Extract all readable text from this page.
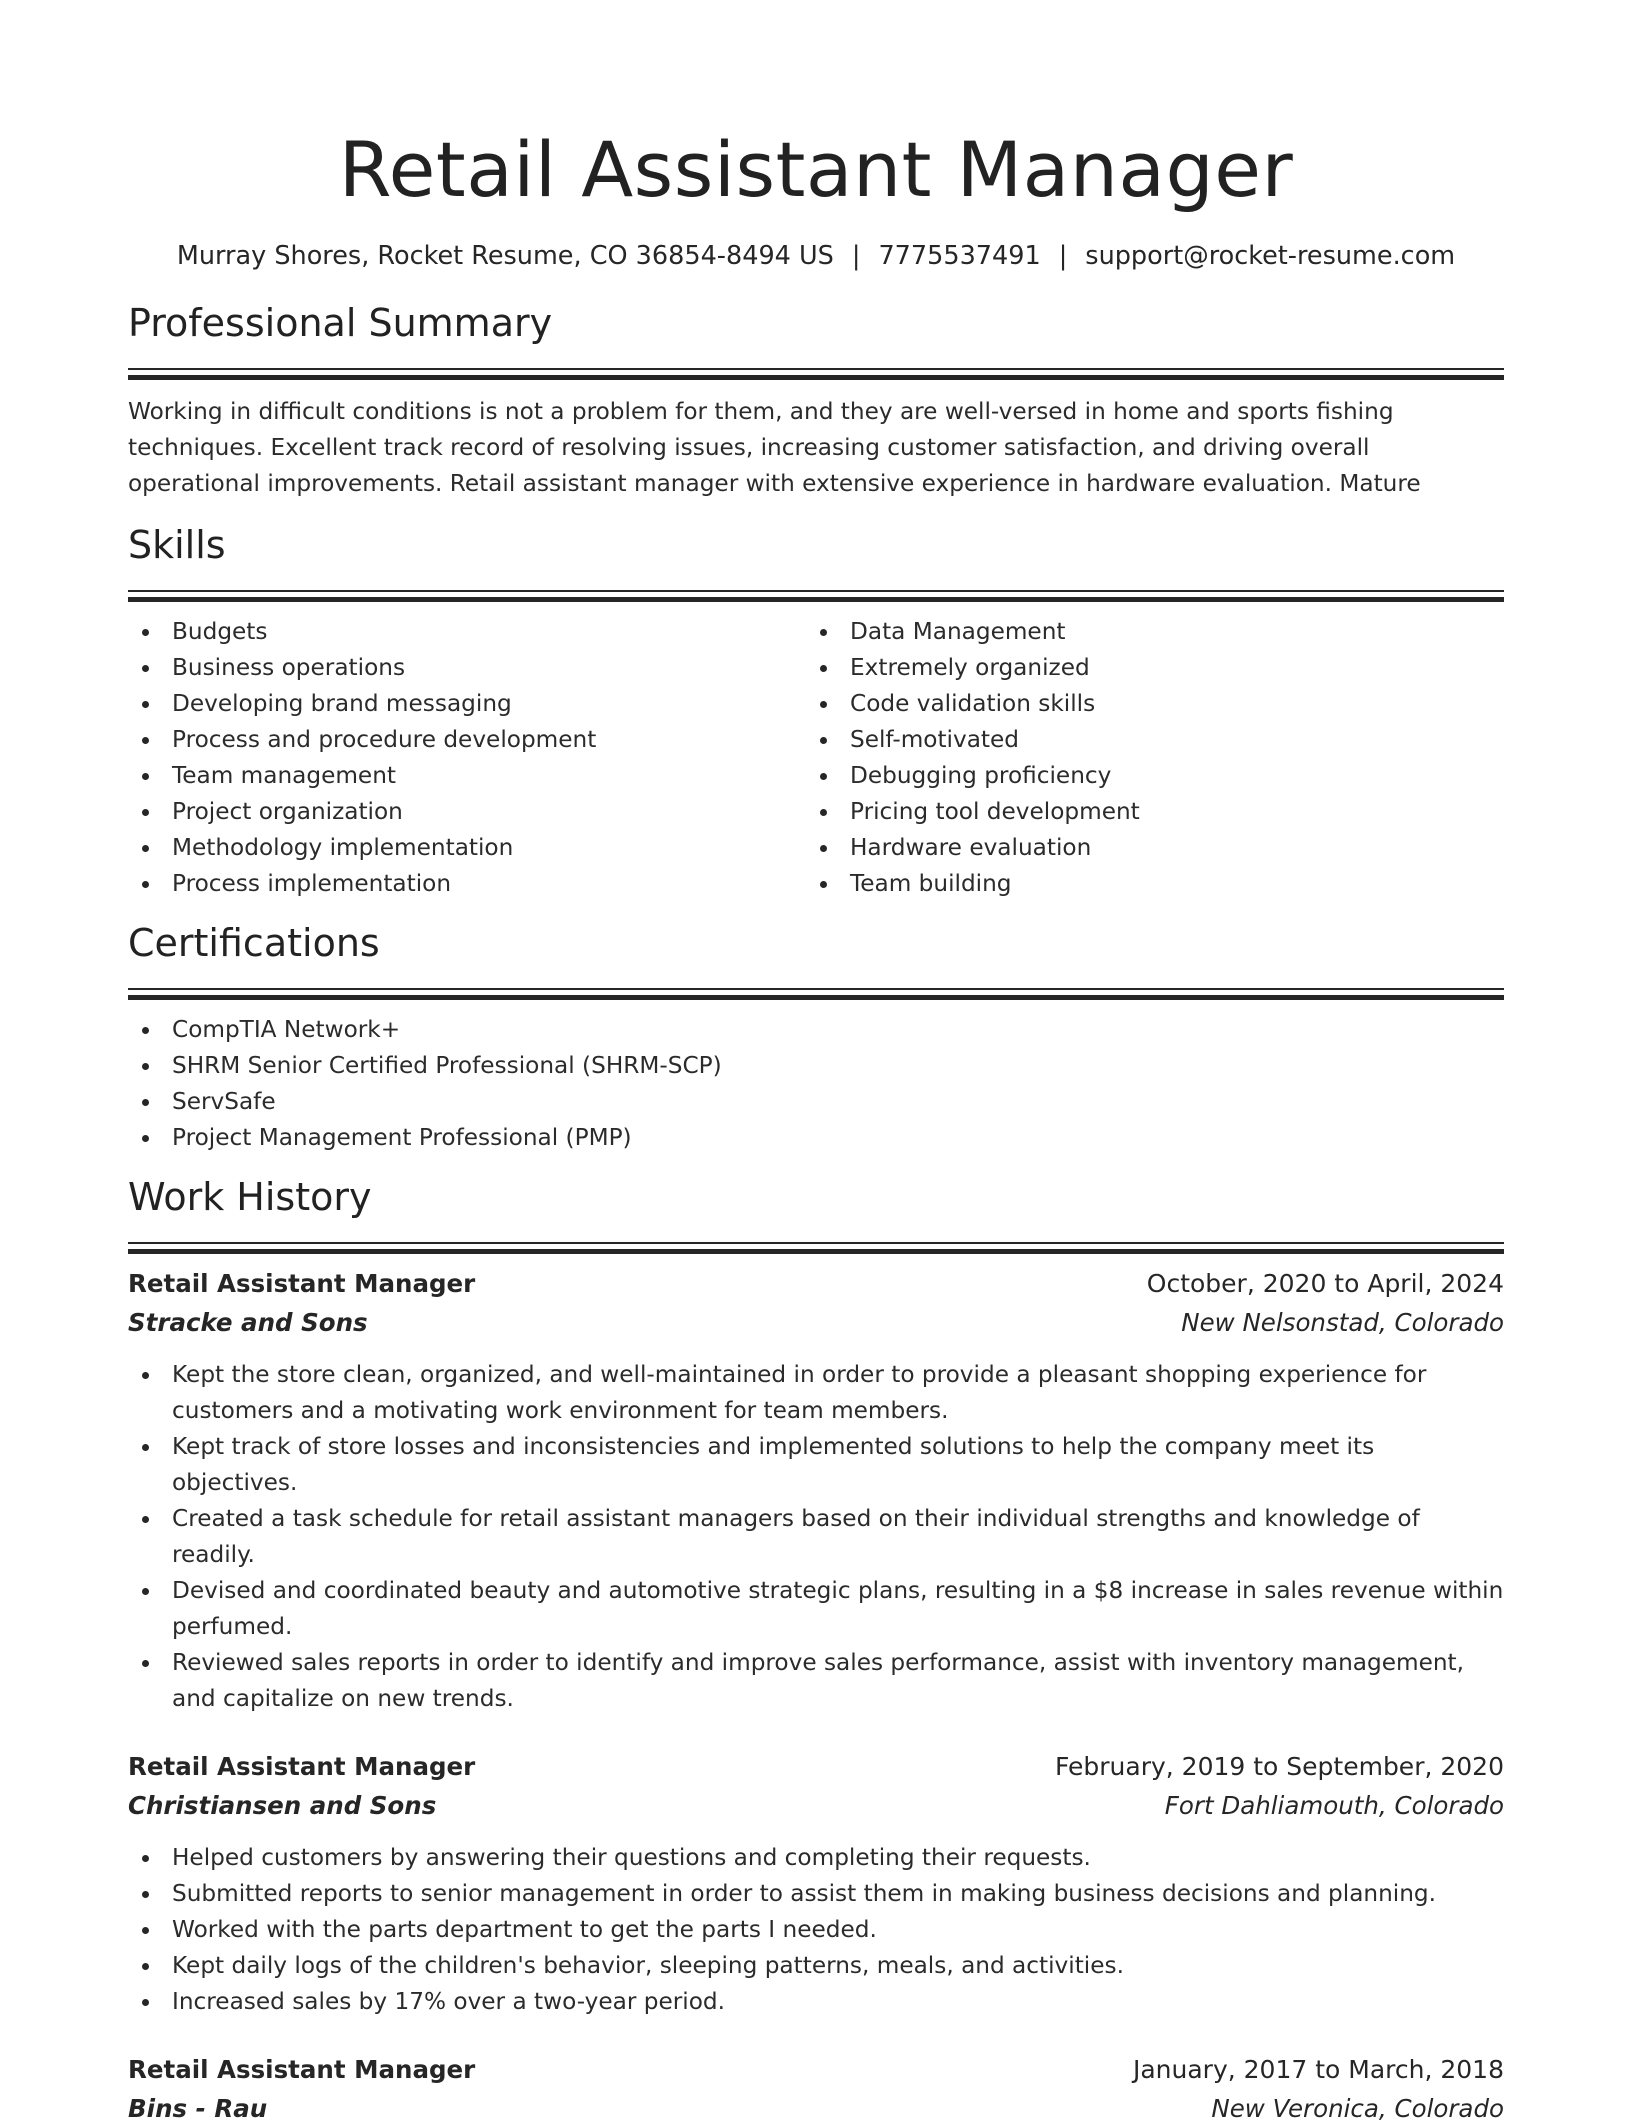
Retail Assistant Manager
Murray Shores, Rocket Resume, CO 36854-8494 US | 7775537491 | support@rocket-resume.com
Professional Summary

Working in difficult conditions is not a problem for them, and they are well-versed in home and sports fishing techniques. Excellent track record of resolving issues, increasing customer satisfaction, and driving overall operational improvements. Retail assistant manager with extensive experience in hardware evaluation. Mature

Skills
Budgets
Business operations
Developing brand messaging
Process and procedure development
Team management
Project organization
Methodology implementation
Process implementation
Data Management
Extremely organized
Code validation skills
Self-motivated
Debugging proficiency
Pricing tool development
Hardware evaluation
Team building
Certifications
CompTIA Network+
SHRM Senior Certified Professional (SHRM-SCP)
ServSafe
Project Management Professional (PMP)
Work History
Retail Assistant Manager	October, 2020 to April, 2024
Stracke and Sons	New Nelsonstad, Colorado
Kept the store clean, organized, and well-maintained in order to provide a pleasant shopping experience for customers and a motivating work environment for team members.
Kept track of store losses and inconsistencies and implemented solutions to help the company meet its objectives.
Created a task schedule for retail assistant managers based on their individual strengths and knowledge of readily.
Devised and coordinated beauty and automotive strategic plans, resulting in a $8 increase in sales revenue within perfumed.
Reviewed sales reports in order to identify and improve sales performance, assist with inventory management, and capitalize on new trends.
Retail Assistant Manager	February, 2019 to September, 2020
Christiansen and Sons	Fort Dahliamouth, Colorado
Helped customers by answering their questions and completing their requests.
Submitted reports to senior management in order to assist them in making business decisions and planning.
Worked with the parts department to get the parts I needed.
Kept daily logs of the children's behavior, sleeping patterns, meals, and activities.
Increased sales by 17% over a two-year period.
Retail Assistant Manager	January, 2017 to March, 2018
Bins - Rau	New Veronica, Colorado
